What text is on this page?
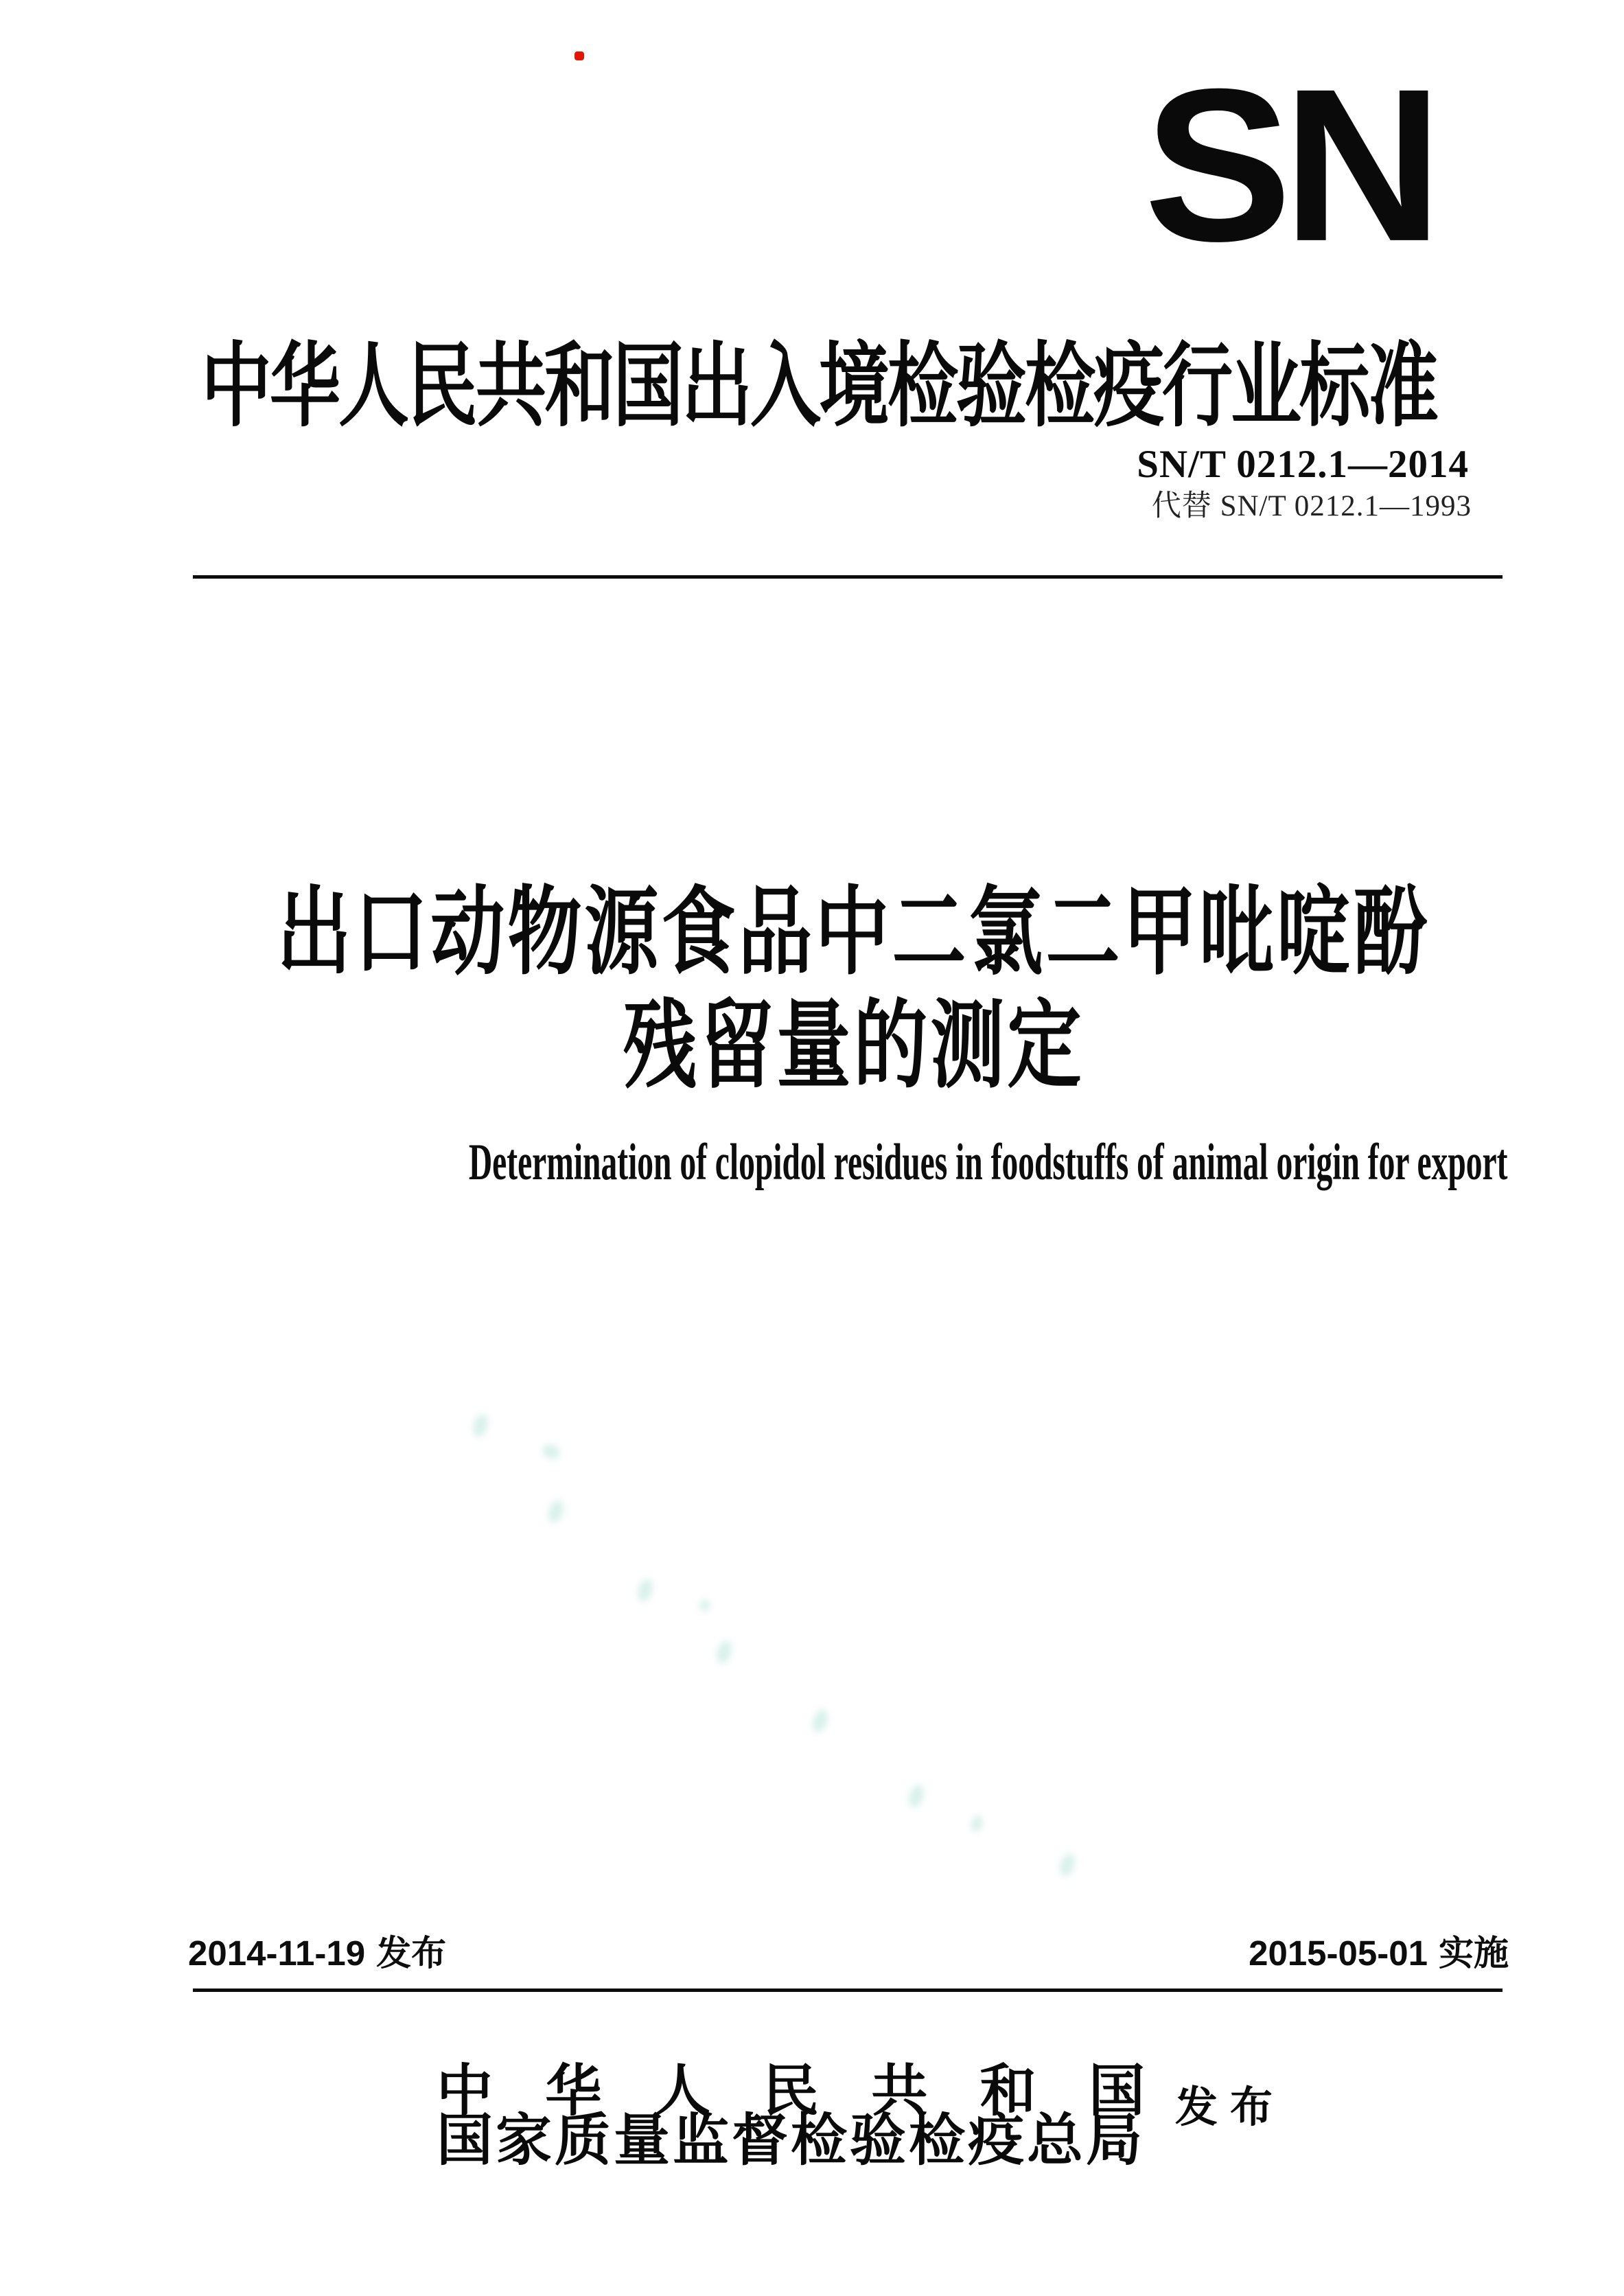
SN
中华人民共和国出入境检验检疫行业标准
SN/T 0212.1—2014
代替 SN/T 0212.1—1993
出口动物源食品中二氯二甲吡啶酚
残留量的测定
Determination of clopidol residues in foodstuffs of animal origin for export
2014-11-19 发布	2015-05-01 实施
中 华 人 民 共 和 国
国家质量监督检验检疫总局
发布
